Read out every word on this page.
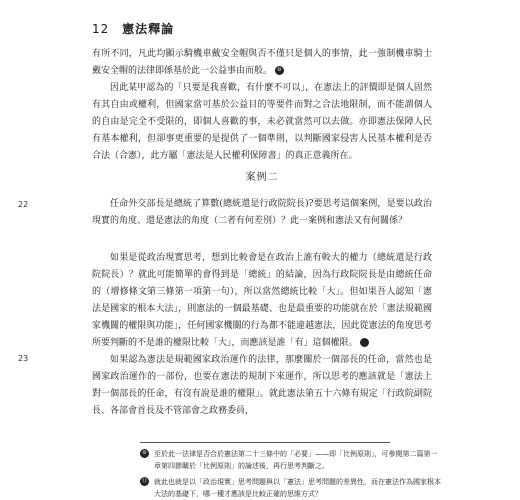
12 憲法釋論
有所不同，凡此均顯示騎機車戴安全帽與否不僅只是個人的事情，此一強制機車騎士戴安全帽的法律即係基於此一公益事由而般。 ⑩
因此某甲認為的「只要是我喜歡，有什麼不可以」，在憲法上的評價即是個人固然有其自由或權利，但國家當可基於公益目的等要件而對之合法地限制，而不能謂個人的自由是完全不受限的，即個人喜歡的事，未必就當然可以去做。亦即憲法保障人民有基本權利，但卻事更重要的是提供了一個準則，以判斷國家侵害人民基本權利是否合法（合憲），此方屬「憲法是人民權利保障書」的真正意義所在。
案例二
22	任命外交部長是總統了算數(總統還是行政院院長)?要思考這個案例，是要以政治現實的角度、還是憲法的角度（二者有何差別）？此一案例和憲法又有何關係？
如果是從政治現實思考，想到比較會是在政治上誰有較大的權力（總統還是行政院院長）？就此可能簡單的會得到是「總統」的結論，因為行政院院長是由總統任命的（增修條文第三條第一項第一句），所以當然總統比較「大」。但如果吾人認知「憲法是國家的根本大法」，則憲法的一個最基礎、也是最重要的功能就在於「憲法規範國家機關的權限與功能」，任何國家機關的行為都不能違越憲法，因此從憲法的角度思考所要判斷的不是誰的權限比較「大」，而應該是誰「有」這個權限。	⑪
23	如果認為憲法是規範國家政治運作的法律，那麼關於一個部長的任命，當然也是國家政治運作的一部份，也要在憲法的規制下來運作，所以思考的應該就是「憲法上對一個部長的任命，有沒有說是誰的權限」。就此憲法第五十六條有規定「行政院副院長、各部會首長及不管部會之政務委員，
⑩	至於此一法律是否合於憲法第二十三條中的「必要」——即「比例原則」，可參閱第二篇第一章第四節關於「比例原則」的論述後，再行思考判斷之。
⑪ 就此也就是以「政治現實」思考問題與以「憲法」思考問題的差異性，而在憲法作為國家根本大法的基礎下，哪一種才應該是比較正確的思維方式？
